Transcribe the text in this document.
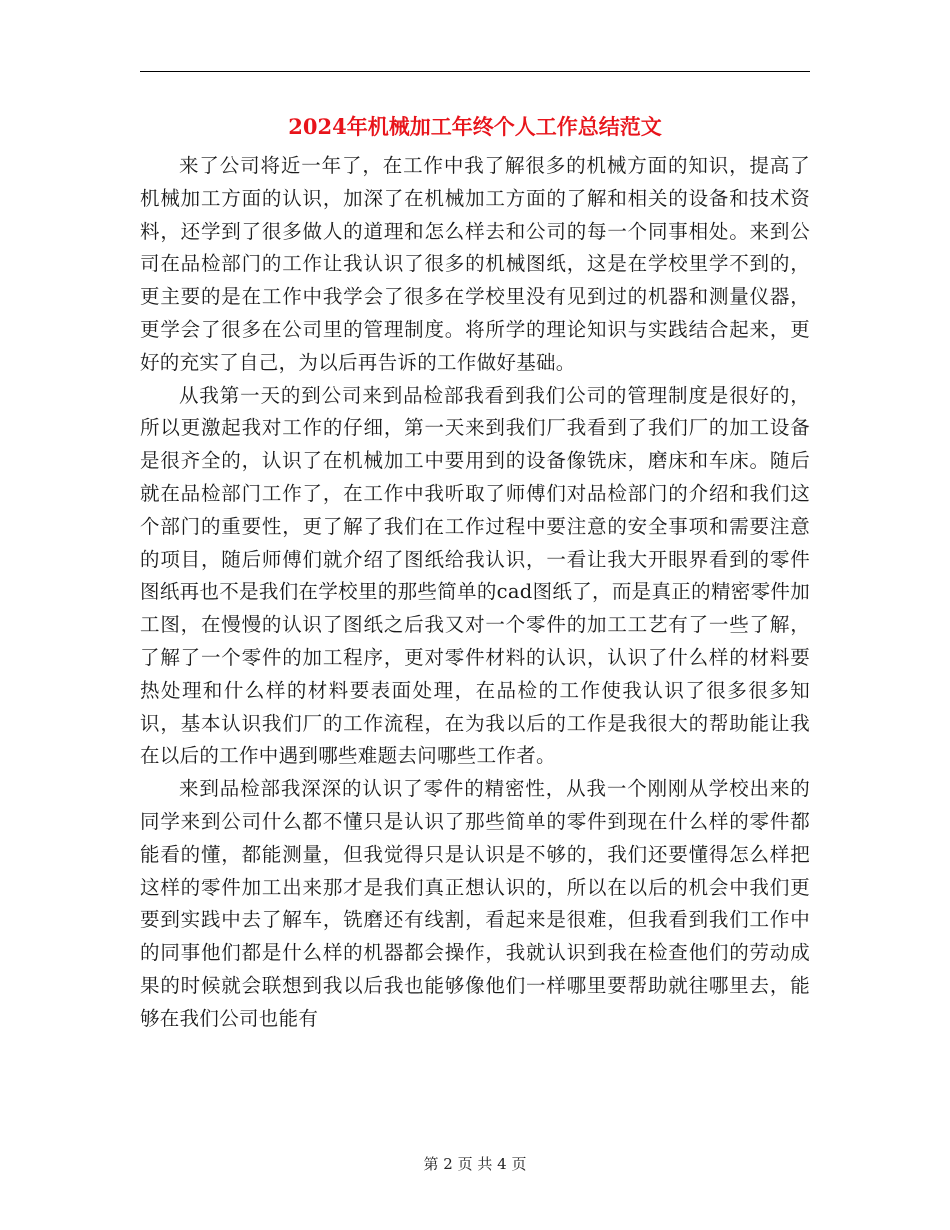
2024年机械加工年终个人工作总结范文

来了公司将近一年了，在工作中我了解很多的机械方面的知识，提高了机械加工方面的认识，加深了在机械加工方面的了解和相关的设备和技术资料，还学到了很多做人的道理和怎么样去和公司的每一个同事相处。来到公司在品检部门的工作让我认识了很多的机械图纸，这是在学校里学不到的，更主要的是在工作中我学会了很多在学校里没有见到过的机器和测量仪器，更学会了很多在公司里的管理制度。将所学的理论知识与实践结合起来，更好的充实了自己，为以后再告诉的工作做好基础。

从我第一天的到公司来到品检部我看到我们公司的管理制度是很好的，所以更激起我对工作的仔细，第一天来到我们厂我看到了我们厂的加工设备是很齐全的，认识了在机械加工中要用到的设备像铣床，磨床和车床。随后就在品检部门工作了，在工作中我听取了师傅们对品检部门的介绍和我们这个部门的重要性，更了解了我们在工作过程中要注意的安全事项和需要注意的项目，随后师傅们就介绍了图纸给我认识，一看让我大开眼界看到的零件图纸再也不是我们在学校里的那些简单的cad图纸了，而是真正的精密零件加工图，在慢慢的认识了图纸之后我又对一个零件的加工工艺有了一些了解，了解了一个零件的加工程序，更对零件材料的认识，认识了什么样的材料要热处理和什么样的材料要表面处理，在品检的工作使我认识了很多很多知识，基本认识我们厂的工作流程，在为我以后的工作是我很大的帮助能让我在以后的工作中遇到哪些难题去问哪些工作者。

来到品检部我深深的认识了零件的精密性，从我一个刚刚从学校出来的同学来到公司什么都不懂只是认识了那些简单的零件到现在什么样的零件都能看的懂，都能测量，但我觉得只是认识是不够的，我们还要懂得怎么样把这样的零件加工出来那才是我们真正想认识的，所以在以后的机会中我们更要到实践中去了解车，铣磨还有线割，看起来是很难，但我看到我们工作中的同事他们都是什么样的机器都会操作，我就认识到我在检查他们的劳动成果的时候就会联想到我以后我也能够像他们一样哪里要帮助就往哪里去，能够在我们公司也能有

第 2 页 共 4 页
